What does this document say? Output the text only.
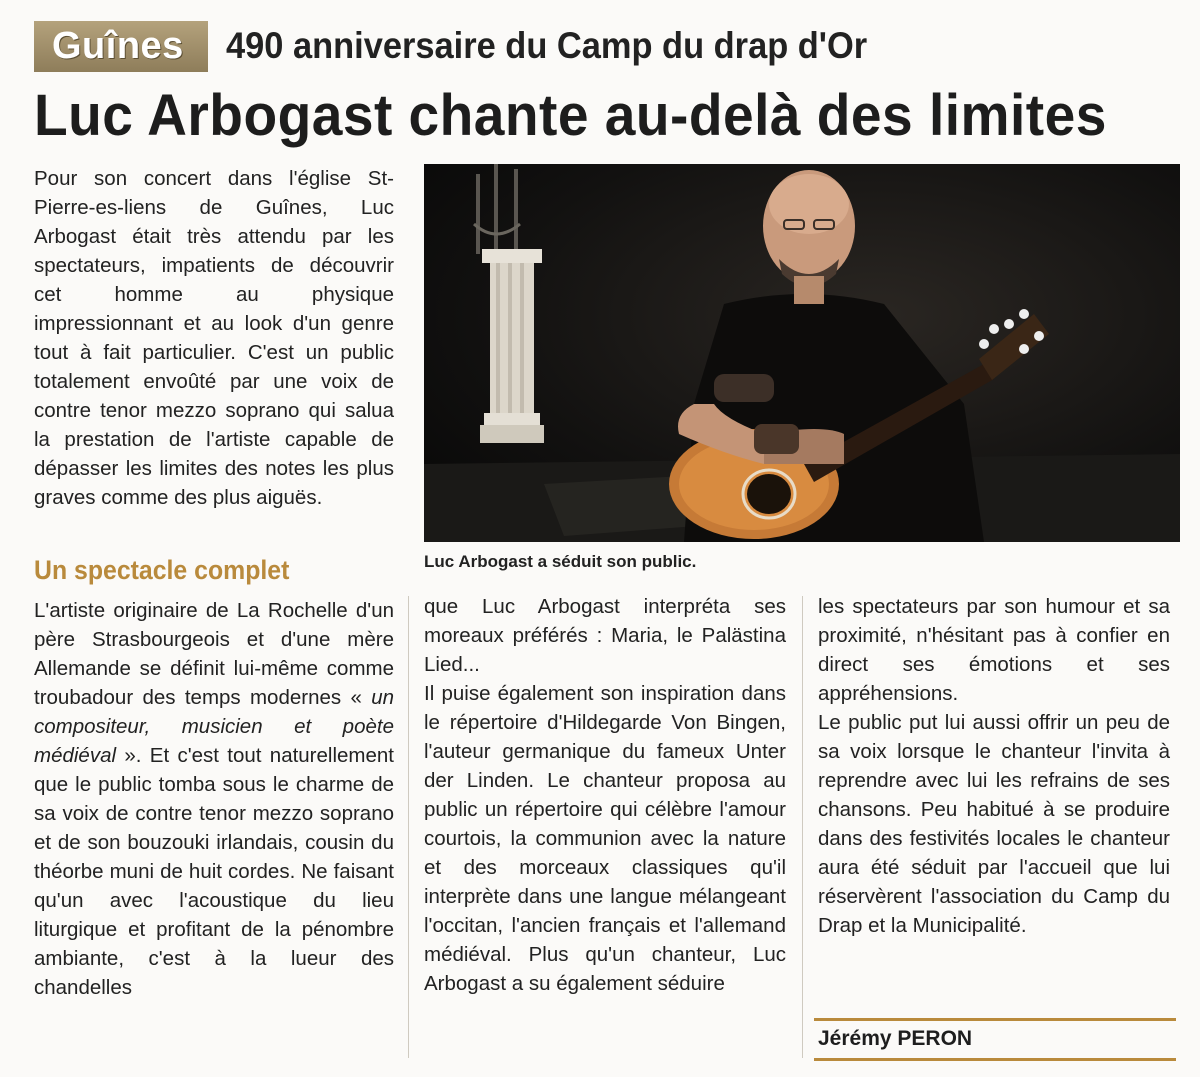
Guînes	490 anniversaire du Camp du drap d'Or
Luc Arbogast chante au-delà des limites
Luc Arbogast a séduit son public.

Pour son concert dans l'église St-Pierre-es-liens de Guînes, Luc Arbogast était très attendu par les spectateurs, impatients de découvrir cet homme au physique impressionnant et au look d'un genre tout à fait particulier. C'est un public totalement envoûté par une voix de contre tenor mezzo soprano qui salua la prestation de l'artiste capable de dépasser les limites des notes les plus graves comme des plus aiguës.

Un spectacle complet

L'artiste originaire de La Rochelle d'un père Strasbourgeois et d'une mère Allemande se définit lui-même comme troubadour des temps modernes « un compositeur, musicien et poète médiéval ». Et c'est tout naturellement que le public tomba sous le charme de sa voix de contre tenor mezzo soprano et de son bouzouki irlandais, cousin du théorbe muni de huit cordes. Ne faisant qu'un avec l'acoustique du lieu liturgique et profitant de la pénombre ambiante, c'est à la lueur des chandelles

que Luc Arbogast interpréta ses moreaux préférés : Maria, le Palästina Lied...

Il puise également son inspiration dans le répertoire d'Hildegarde Von Bingen, l'auteur germanique du fameux Unter der Linden. Le chanteur proposa au public un répertoire qui célèbre l'amour courtois, la communion avec la nature et des morceaux classiques qu'il interprète dans une langue mélangeant l'occitan, l'ancien français et l'allemand médiéval. Plus qu'un chanteur, Luc Arbogast a su également séduire

les spectateurs par son humour et sa proximité, n'hésitant pas à confier en direct ses émotions et ses appréhensions.

Le public put lui aussi offrir un peu de sa voix lorsque le chanteur l'invita à reprendre avec lui les refrains de ses chansons. Peu habitué à se produire dans des festivités locales le chanteur aura été séduit par l'accueil que lui réservèrent l'association du Camp du Drap et la Municipalité.

Jérémy PERON
